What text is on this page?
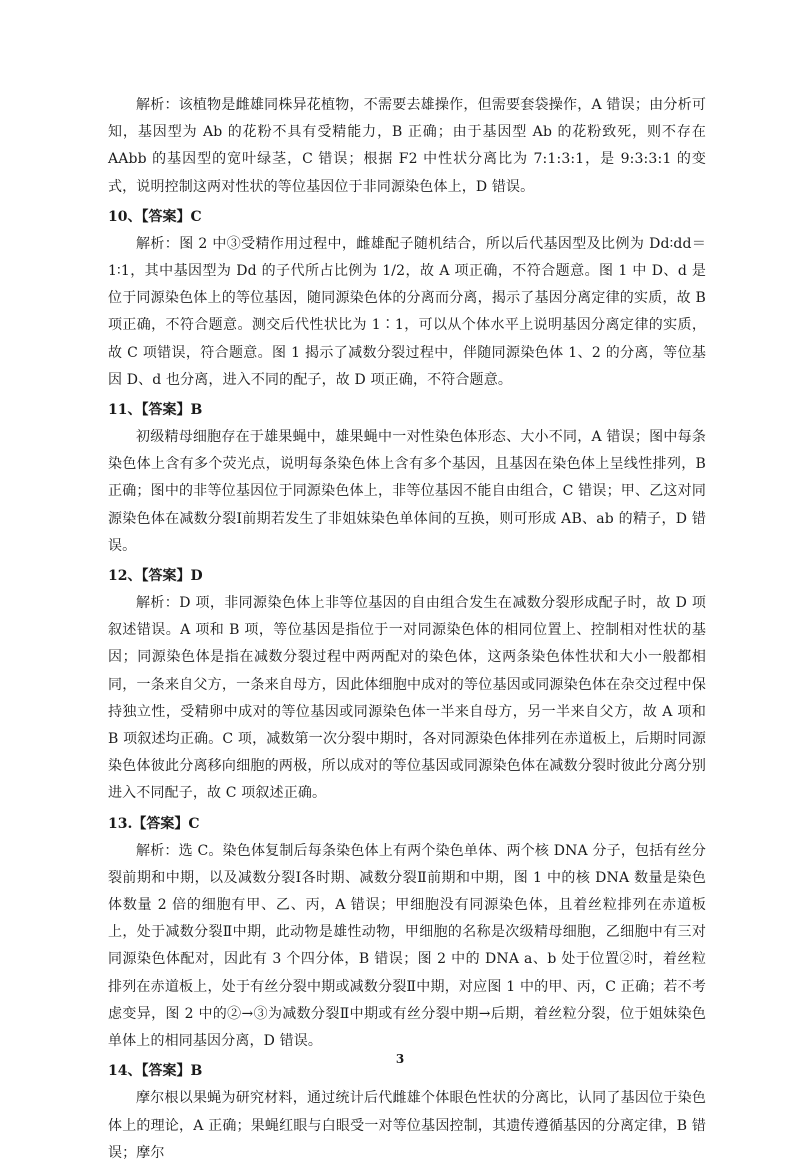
解析：该植物是雌雄同株异花植物，不需要去雄操作，但需要套袋操作，A 错误；由分析可知，基因型为 Ab 的花粉不具有受精能力，B 正确；由于基因型 Ab 的花粉致死，则不存在 AAbb 的基因型的宽叶绿茎，C 错误；根据 F2 中性状分离比为 7:1:3:1，是 9:3:3:1 的变式，说明控制这两对性状的等位基因位于非同源染色体上，D 错误。

10、【答案】C

解析：图 2 中③受精作用过程中，雌雄配子随机结合，所以后代基因型及比例为 Dd∶dd＝1∶1，其中基因型为 Dd 的子代所占比例为 1/2，故 A 项正确，不符合题意。图 1 中 D、d 是位于同源染色体上的等位基因，随同源染色体的分离而分离，揭示了基因分离定律的实质，故 B 项正确，不符合题意。测交后代性状比为 1∶1，可以从个体水平上说明基因分离定律的实质，故 C 项错误，符合题意。图 1 揭示了减数分裂过程中，伴随同源染色体 1、2 的分离，等位基因 D、d 也分离，进入不同的配子，故 D 项正确，不符合题意。

11、【答案】B

初级精母细胞存在于雄果蝇中，雄果蝇中一对性染色体形态、大小不同，A 错误；图中每条染色体上含有多个荧光点，说明每条染色体上含有多个基因，且基因在染色体上呈线性排列，B 正确；图中的非等位基因位于同源染色体上，非等位基因不能自由组合，C 错误；甲、乙这对同源染色体在减数分裂Ⅰ前期若发生了非姐妹染色单体间的互换，则可形成 AB、ab 的精子，D 错误。

12、【答案】D

解析：D 项，非同源染色体上非等位基因的自由组合发生在减数分裂形成配子时，故 D 项叙述错误。A 项和 B 项，等位基因是指位于一对同源染色体的相同位置上、控制相对性状的基因；同源染色体是指在减数分裂过程中两两配对的染色体，这两条染色体性状和大小一般都相同，一条来自父方，一条来自母方，因此体细胞中成对的等位基因或同源染色体在杂交过程中保持独立性，受精卵中成对的等位基因或同源染色体一半来自母方，另一半来自父方，故 A 项和 B 项叙述均正确。C 项，减数第一次分裂中期时，各对同源染色体排列在赤道板上，后期时同源染色体彼此分离移向细胞的两极，所以成对的等位基因或同源染色体在减数分裂时彼此分离分别进入不同配子，故 C 项叙述正确。

13.【答案】C

解析：选 C。染色体复制后每条染色体上有两个染色单体、两个核 DNA 分子，包括有丝分裂前期和中期，以及减数分裂Ⅰ各时期、减数分裂Ⅱ前期和中期，图 1 中的核 DNA 数量是染色体数量 2 倍的细胞有甲、乙、丙，A 错误；甲细胞没有同源染色体，且着丝粒排列在赤道板上，处于减数分裂Ⅱ中期，此动物是雄性动物，甲细胞的名称是次级精母细胞，乙细胞中有三对同源染色体配对，因此有 3 个四分体，B 错误；图 2 中的 DNA a、b 处于位置②时，着丝粒排列在赤道板上，处于有丝分裂中期或减数分裂Ⅱ中期，对应图 1 中的甲、丙，C 正确；若不考虑变异，图 2 中的②→③为减数分裂Ⅱ中期或有丝分裂中期→后期，着丝粒分裂，位于姐妹染色单体上的相同基因分离，D 错误。

14、【答案】B

摩尔根以果蝇为研究材料，通过统计后代雌雄个体眼色性状的分离比，认同了基因位于染色体上的理论，A 正确；果蝇红眼与白眼受一对等位基因控制，其遗传遵循基因的分离定律，B 错误；摩尔

3
